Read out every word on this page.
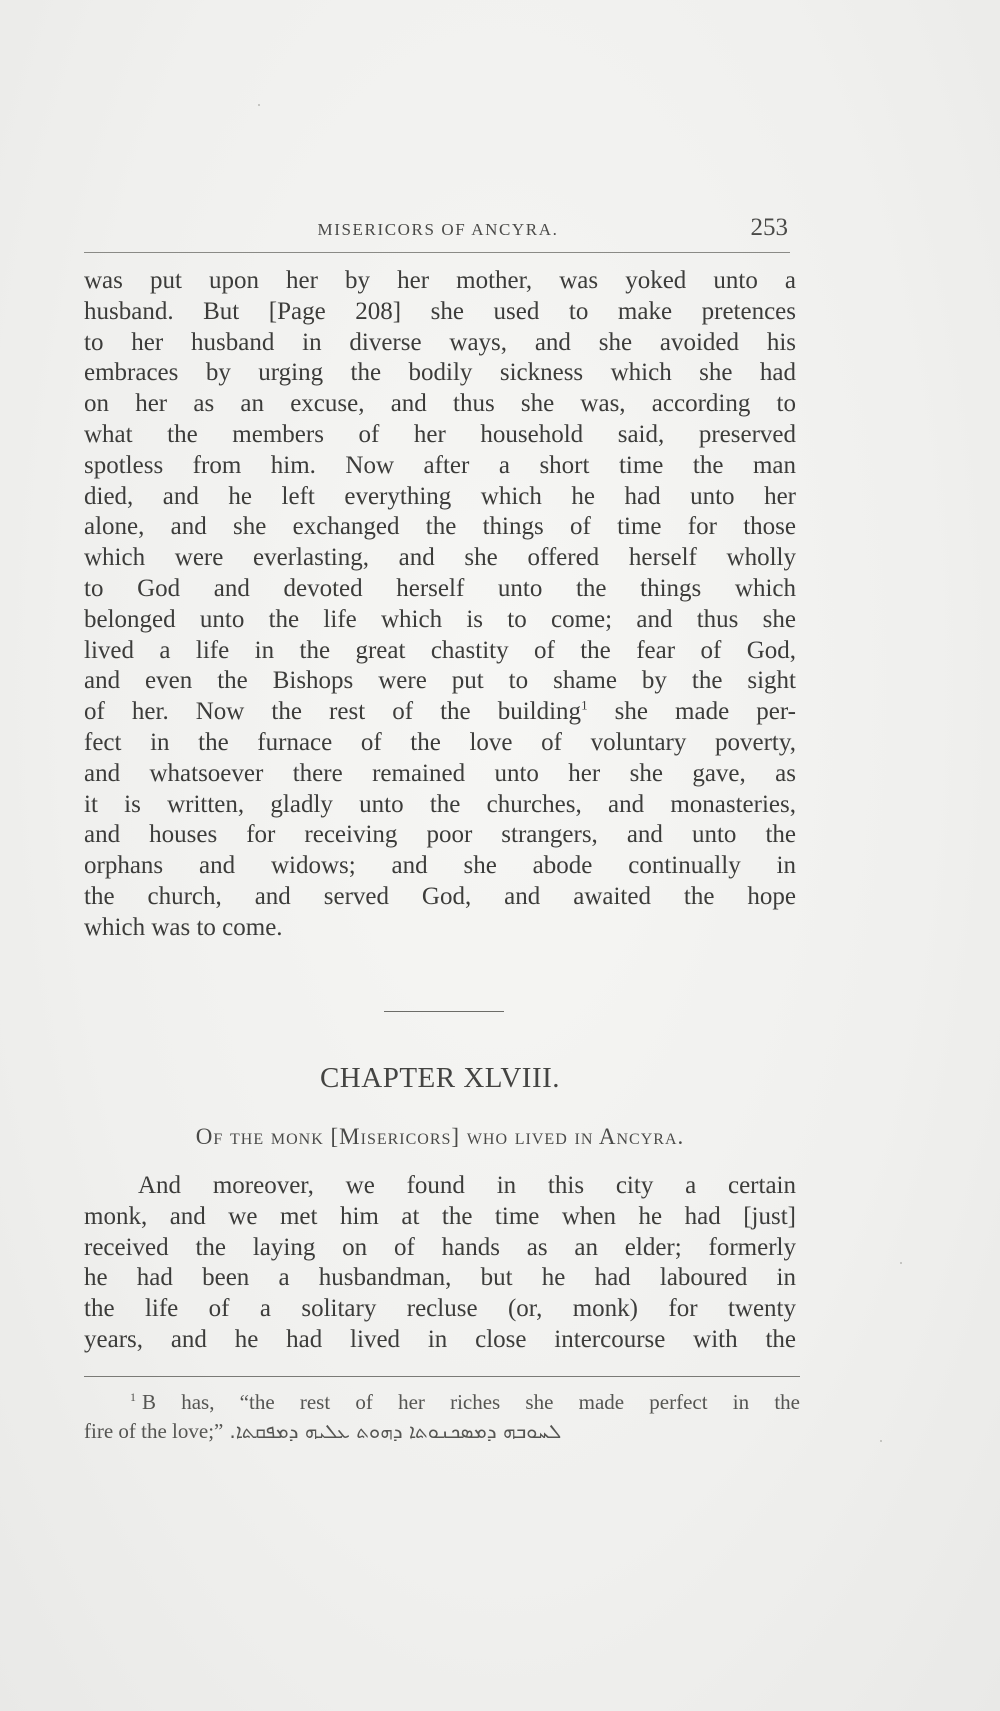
MISERICORS OF ANCYRA.	253
was put upon her by her mother, was yoked unto a
husband. But [Page 208] she used to make pretences
to her husband in diverse ways, and she avoided his
embraces by urging the bodily sickness which she had
on her as an excuse, and thus she was, according to
what the members of her household said, preserved
spotless from him. Now after a short time the man
died, and he left everything which he had unto her
alone, and she exchanged the things of time for those
which were everlasting, and she offered herself wholly
to God and devoted herself unto the things which
belonged unto the life which is to come; and thus she
lived a life in the great chastity of the fear of God,
and even the Bishops were put to shame by the sight
of her. Now the rest of the building$^1$ she made per-
fect in the furnace of the love of voluntary poverty,
and whatsoever there remained unto her she gave, as
it is written, gladly unto the churches, and monasteries,
and houses for receiving poor strangers, and unto the
orphans and widows; and she abode continually in
the church, and served God, and awaited the hope
which was to come.
CHAPTER XLVIII.
Of the monk [Misericors] who lived in Ancyra.
And moreover, we found in this city a certain
monk, and we met him at the time when he had [just]
received the laying on of hands as an elder; formerly
he had been a husbandman, but he had laboured in
the life of a solitary recluse (or, monk) for twenty
years, and he had lived in close intercourse with the
$^1$ B has, “the rest of her riches she made perfect in the
fire of the love;” ܠܚܘܒܗ ܕܡܣܟܢܘܬܐ ܕܗܘܬ ܥܠܝܗ ܕܡܦܩܬܐ.
